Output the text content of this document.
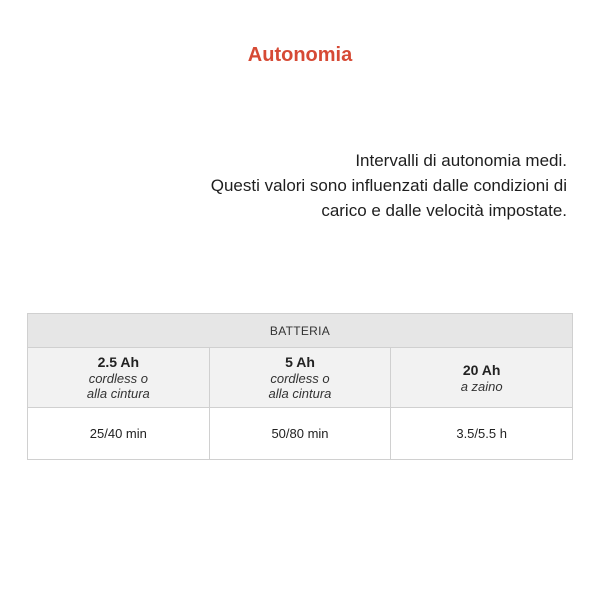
Autonomia
Intervalli di autonomia medi.
Questi valori sono influenzati dalle condizioni di
carico e dalle velocità impostate.
BATTERIA		

2.5 Ah
cordless o
alla cintura	5 Ah
cordless o
alla cintura	20 Ah
a zaino

25/40 min	50/80 min	3.5/5.5 h
